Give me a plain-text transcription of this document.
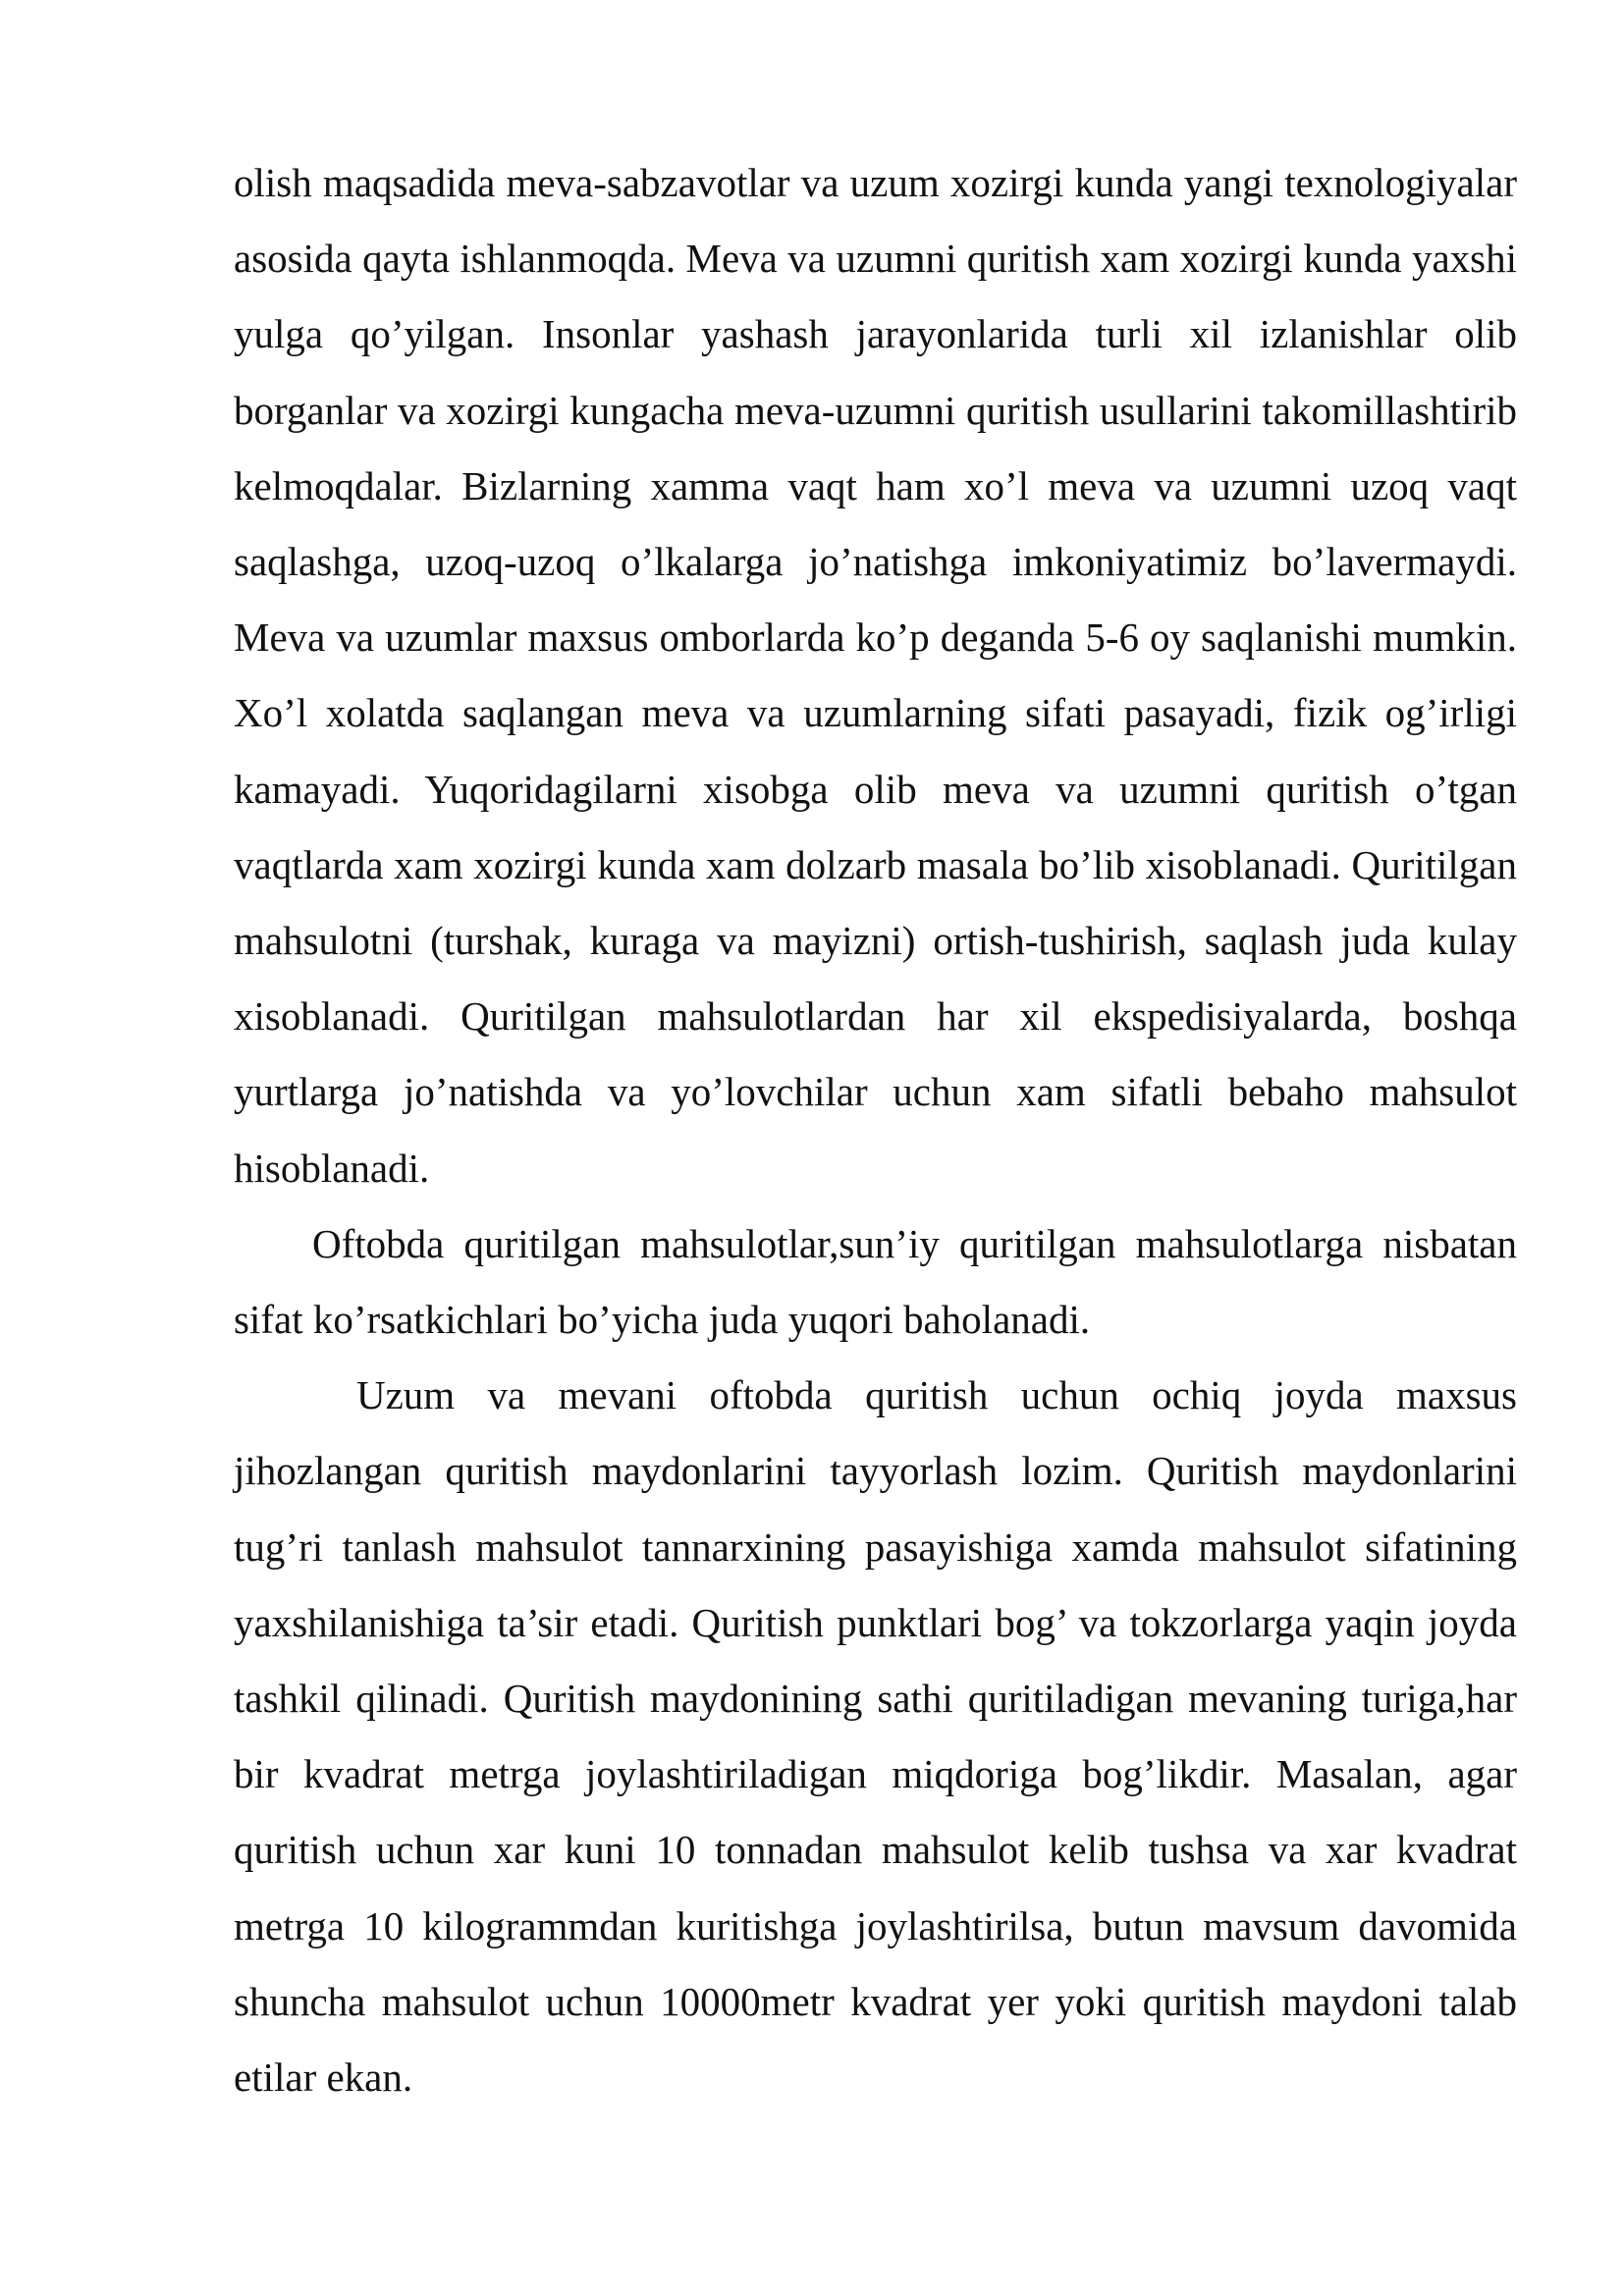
olish maqsadida meva-sabzavotlar va uzum xozirgi kunda yangi texnologiyalar asosida qayta ishlanmoqda. Meva va uzumni quritish xam xozirgi kunda yaxshi yulga qo’yilgan. Insonlar yashash jarayonlarida turli xil izlanishlar olib borganlar va xozirgi kungacha meva-uzumni quritish usullarini takomillashtirib kelmoqdalar. Bizlarning xamma vaqt ham xo’l meva va uzumni uzoq vaqt saqlashga, uzoq-uzoq o’lkalarga jo’natishga imkoniyatimiz bo’lavermaydi. Meva va uzumlar maxsus omborlarda ko’p deganda 5-6 oy saqlanishi mumkin. Xo’l xolatda saqlangan meva va uzumlarning sifati pasayadi, fizik og’irligi kamayadi. Yuqoridagilarni xisobga olib meva va uzumni quritish o’tgan vaqtlarda xam xozirgi kunda xam dolzarb masala bo’lib xisoblanadi. Quritilgan mahsulotni (turshak, kuraga va mayizni) ortish-tushirish, saqlash juda kulay xisoblanadi. Quritilgan mahsulotlardan har xil ekspedisiyalarda, boshqa yurtlarga jo’natishda va yo’lovchilar uchun xam sifatli bebaho mahsulot hisoblanadi.

Oftobda quritilgan mahsulotlar,sun’iy quritilgan mahsulotlarga nisbatan sifat ko’rsatkichlari bo’yicha juda yuqori baholanadi.

Uzum va mevani oftobda quritish uchun ochiq joyda maxsus jihozlangan quritish maydonlarini tayyorlash lozim. Quritish maydonlarini tug’ri tanlash mahsulot tannarxining pasayishiga xamda mahsulot sifatining yaxshilanishiga ta’sir etadi. Quritish punktlari bog’ va tokzorlarga yaqin joyda tashkil qilinadi. Quritish maydonining sathi quritiladigan mevaning turiga,har bir kvadrat metrga joylashtiriladigan miqdoriga bog’likdir. Masalan, agar quritish uchun xar kuni 10 tonnadan mahsulot kelib tushsa va xar kvadrat metrga 10 kilogrammdan kuritishga joylashtirilsa, butun mavsum davomida shuncha mahsulot uchun 10000metr kvadrat yer yoki quritish maydoni talab etilar ekan.
